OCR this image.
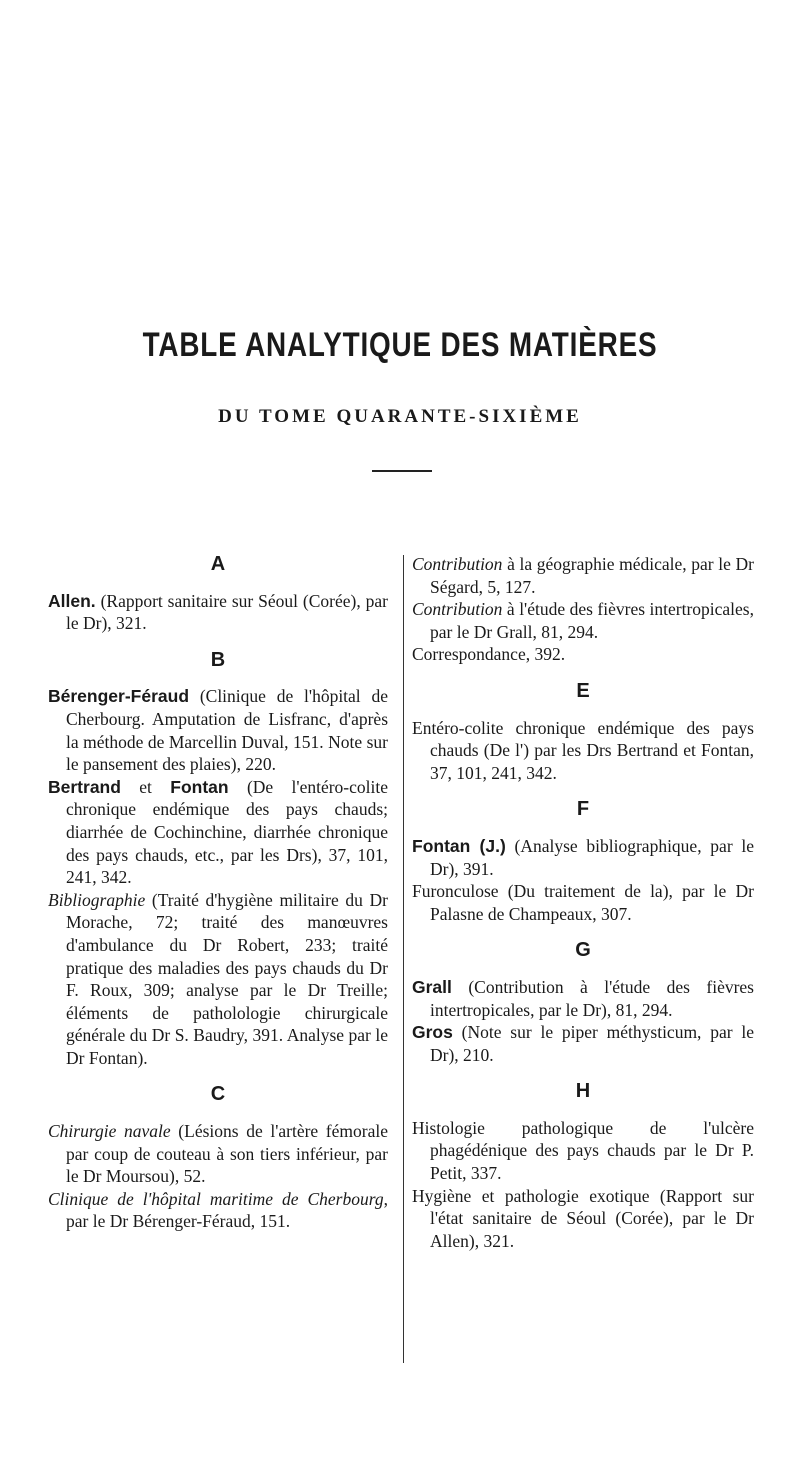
TABLE ANALYTIQUE DES MATIÈRES
DU TOME QUARANTE-SIXIÈME
A
Allen. (Rapport sanitaire sur Séoul (Corée), par le Dr), 321.
B
Bérenger-Féraud (Clinique de l'hôpital de Cherbourg. Amputation de Lisfranc, d'après la méthode de Marcellin Duval, 151. Note sur le pansement des plaies), 220.
Bertrand et Fontan (De l'entéro-colite chronique endémique des pays chauds; diarrhée de Cochinchine, diarrhée chronique des pays chauds, etc., par les Drs), 37, 101, 241, 342.
Bibliographie (Traité d'hygiène militaire du Dr Morache, 72; traité des manœuvres d'ambulance du Dr Robert, 233; traité pratique des maladies des pays chauds du Dr F. Roux, 309; analyse par le Dr Treille; éléments de patholologie chirurgicale générale du Dr S. Baudry, 391. Analyse par le Dr Fontan).
C
Chirurgie navale (Lésions de l'artère fémorale par coup de couteau à son tiers inférieur, par le Dr Moursou), 52.
Clinique de l'hôpital maritime de Cherbourg, par le Dr Bérenger-Féraud, 151.
Contribution à la géographie médicale, par le Dr Ségard, 5, 127.
Contribution à l'étude des fièvres intertropicales, par le Dr Grall, 81, 294.
Correspondance, 392.
E
Entéro-colite chronique endémique des pays chauds (De l') par les Drs Bertrand et Fontan, 37, 101, 241, 342.
F
Fontan (J.) (Analyse bibliographique, par le Dr), 391.
Furonculose (Du traitement de la), par le Dr Palasne de Champeaux, 307.
G
Grall (Contribution à l'étude des fièvres intertropicales, par le Dr), 81, 294.
Gros (Note sur le piper méthysticum, par le Dr), 210.
H
Histologie pathologique de l'ulcère phagédénique des pays chauds par le Dr P. Petit, 337.
Hygiène et pathologie exotique (Rapport sur l'état sanitaire de Séoul (Corée), par le Dr Allen), 321.
